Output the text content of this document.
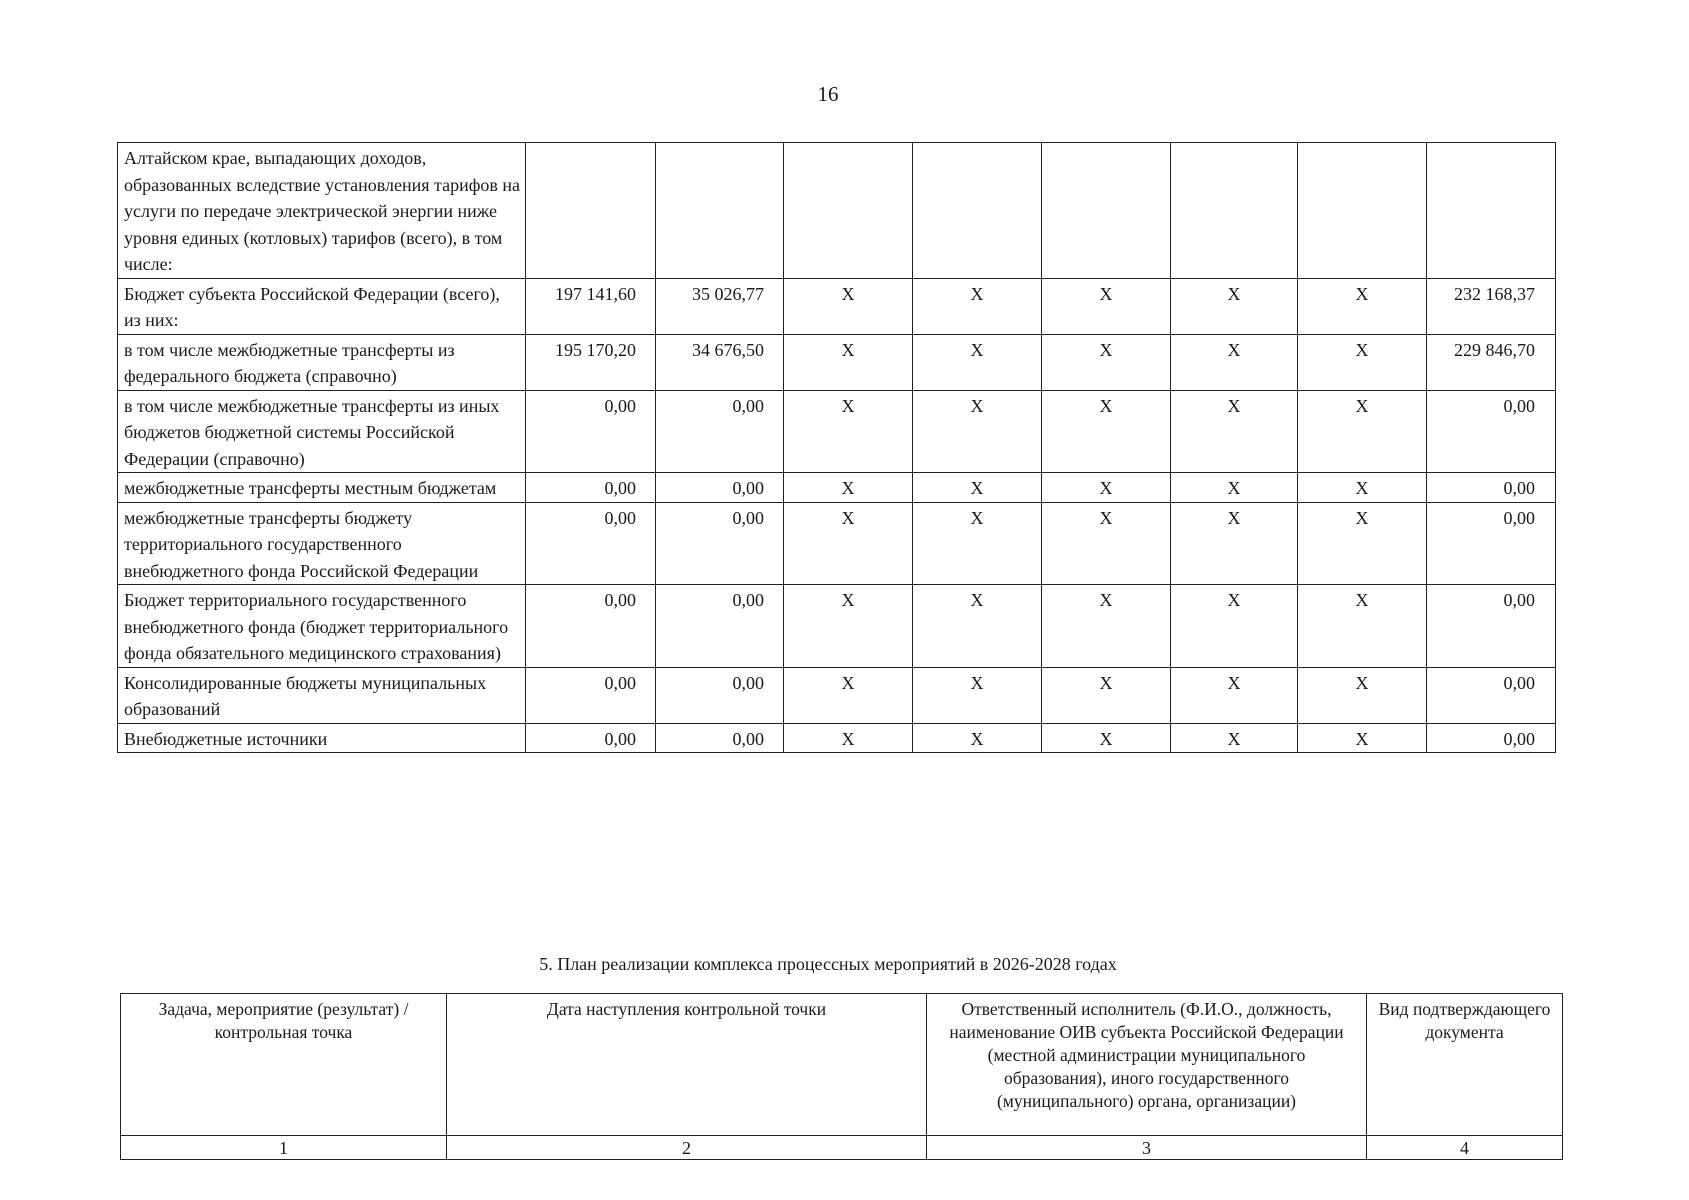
16
Алтайском крае, выпадающих доходов, образованных вследствие установления тарифов на услуги по передаче электрической энергии ниже уровня единых (котловых) тарифов (всего), в том числе:								
Бюджет субъекта Российской Федерации (всего), из них:	197 141,60	35 026,77	X	X	X	X	X	232 168,37
в том числе межбюджетные трансферты из федерального бюджета (справочно)	195 170,20	34 676,50	X	X	X	X	X	229 846,70
в том числе межбюджетные трансферты из иных бюджетов бюджетной системы Российской Федерации (справочно)	0,00	0,00	X	X	X	X	X	0,00
межбюджетные трансферты местным бюджетам	0,00	0,00	X	X	X	X	X	0,00
межбюджетные трансферты бюджету территориального государственного внебюджетного фонда Российской Федерации	0,00	0,00	X	X	X	X	X	0,00
Бюджет территориального государственного внебюджетного фонда (бюджет территориального фонда обязательного медицинского страхования)	0,00	0,00	X	X	X	X	X	0,00
Консолидированные бюджеты муниципальных образований	0,00	0,00	X	X	X	X	X	0,00
Внебюджетные источники	0,00	0,00	X	X	X	X	X	0,00
5. План реализации комплекса процессных мероприятий в 2026-2028 годах
Задача, мероприятие (результат) / контрольная точка	Дата наступления контрольной точки	Ответственный исполнитель (Ф.И.О., должность, наименование ОИВ субъекта Российской Федерации (местной администрации муниципального образования), иного государственного (муниципального) органа, организации)	Вид подтверждающего документа
1	2	3	4
